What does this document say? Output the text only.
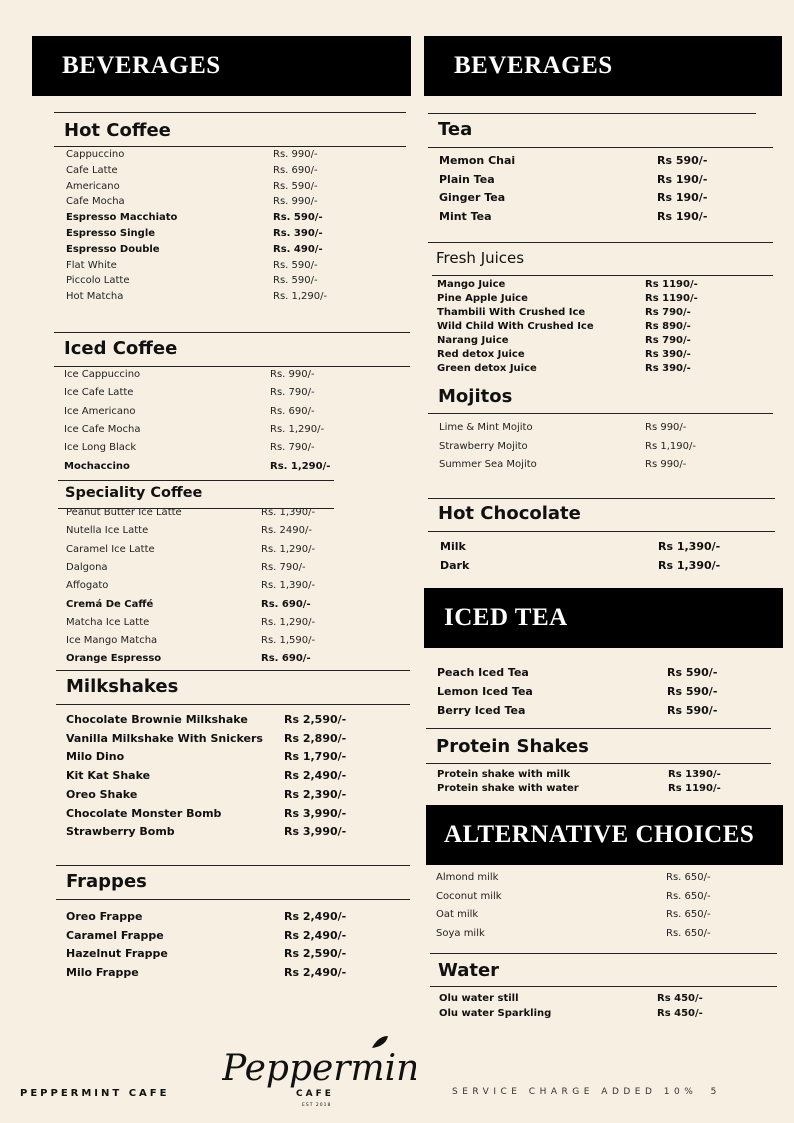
BEVERAGES
Hot Coffee
Cappuccino	Rs. 990/-
Cafe Latte	Rs. 690/-
Americano	Rs. 590/-
Cafe Mocha	Rs. 990/-
Espresso Macchiato	Rs. 590/-
Espresso Single	Rs. 390/-
Espresso Double	Rs. 490/-
Flat White	Rs. 590/-
Piccolo Latte	Rs. 590/-
Hot Matcha	Rs. 1,290/-
Iced Coffee
Ice Cappuccino	Rs. 990/-
Ice Cafe Latte	Rs. 790/-
Ice Americano	Rs. 690/-
Ice Cafe Mocha	Rs. 1,290/-
Ice Long Black	Rs. 790/-
Mochaccino	Rs. 1,290/-
Speciality Coffee
Peanut Butter Ice Latte	Rs. 1,390/-
Nutella Ice Latte	Rs. 2490/-
Caramel Ice Latte	Rs. 1,290/-
Dalgona	Rs. 790/-
Affogato	Rs. 1,390/-
Cremá De Caffé	Rs. 690/-
Matcha Ice Latte	Rs. 1,290/-
Ice Mango Matcha	Rs. 1,590/-
Orange Espresso	Rs. 690/-
Milkshakes
Chocolate Brownie Milkshake	Rs 2,590/-
Vanilla Milkshake With Snickers Rs 2,890/-
Milo Dino	Rs 1,790/-
Kit Kat Shake	Rs 2,490/-
Oreo Shake	Rs 2,390/-
Chocolate Monster Bomb	Rs 3,990/-
Strawberry Bomb	Rs 3,990/-
Frappes
Oreo Frappe	Rs 2,490/-
Caramel Frappe	Rs 2,490/-
Hazelnut Frappe	Rs 2,590/-
Milo Frappe	Rs 2,490/-
BEVERAGES
Tea
Memon Chai	Rs 590/-
Plain Tea	Rs 190/-
Ginger Tea	Rs 190/-
Mint Tea	Rs 190/-
Fresh Juices
Mango Juice	Rs 1190/-
Pine Apple Juice	Rs 1190/-
Thambili With Crushed Ice	Rs 790/-
Wild Child With Crushed Ice	Rs 890/-
Narang Juice	Rs 790/-
Red detox Juice	Rs 390/-
Green detox Juice	Rs 390/-
Mojitos
Lime & Mint Mojito	Rs 990/-
Strawberry Mojito	Rs 1,190/-
Summer Sea Mojito	Rs 990/-
Hot Chocolate
Milk	Rs 1,390/-
Dark	Rs 1,390/-
ICED TEA
Peach Iced Tea	Rs 590/-
Lemon Iced Tea	Rs 590/-
Berry Iced Tea	Rs 590/-
Protein Shakes
Protein shake with milk	Rs 1390/-
Protein shake with water	Rs 1190/-
ALTERNATIVE CHOICES
Almond milk	Rs. 650/-
Coconut milk	Rs. 650/-
Oat milk	Rs. 650/-
Soya milk	Rs. 650/-
Water
Olu water still	Rs 450/-
Olu water Sparkling	Rs 450/-
PEPPERMINT CAFE	SERVICE CHARGE ADDED 10% 5
Peppermint
CAFE
EST 2018
